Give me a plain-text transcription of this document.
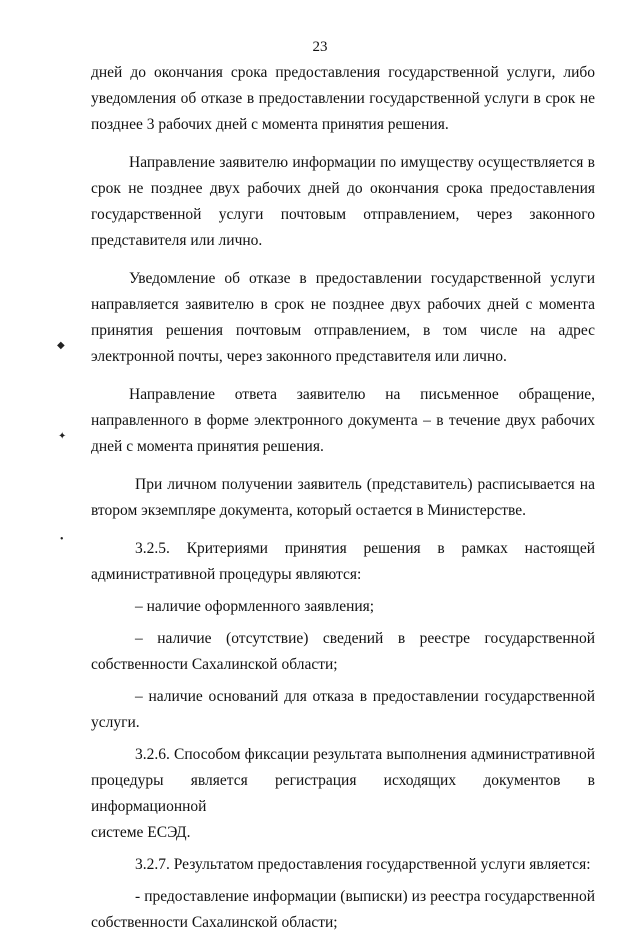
23
◆
✦
•
дней до окончания срока предоставления государственной услуги, либо
уведомления об отказе в предоставлении государственной услуги в срок не
позднее 3 рабочих дней с момента принятия решения.
Направление заявителю информации по имуществу осуществляется в
срок не позднее двух рабочих дней до окончания срока предоставления
государственной услуги почтовым отправлением, через законного
представителя или лично.
Уведомление об отказе в предоставлении государственной услуги
направляется заявителю в срок не позднее двух рабочих дней с момента
принятия решения почтовым отправлением, в том числе на адрес
электронной почты, через законного представителя или лично.
Направление ответа заявителю на письменное обращение,
направленного в форме электронного документа – в течение двух рабочих
дней с момента принятия решения.
При личном получении заявитель (представитель) расписывается на
втором экземпляре документа, который остается в Министерстве.
3.2.5. Критериями принятия решения в рамках настоящей
административной процедуры являются:
– наличие оформленного заявления;
– наличие (отсутствие) сведений в реестре государственной
собственности Сахалинской области;
– наличие оснований для отказа в предоставлении государственной
услуги.
3.2.6. Способом фиксации результата выполнения административной
процедуры является регистрация исходящих документов в информационной
системе ЕСЭД.
3.2.7. Результатом предоставления государственной услуги является:
- предоставление информации (выписки) из реестра государственной
собственности Сахалинской области;
